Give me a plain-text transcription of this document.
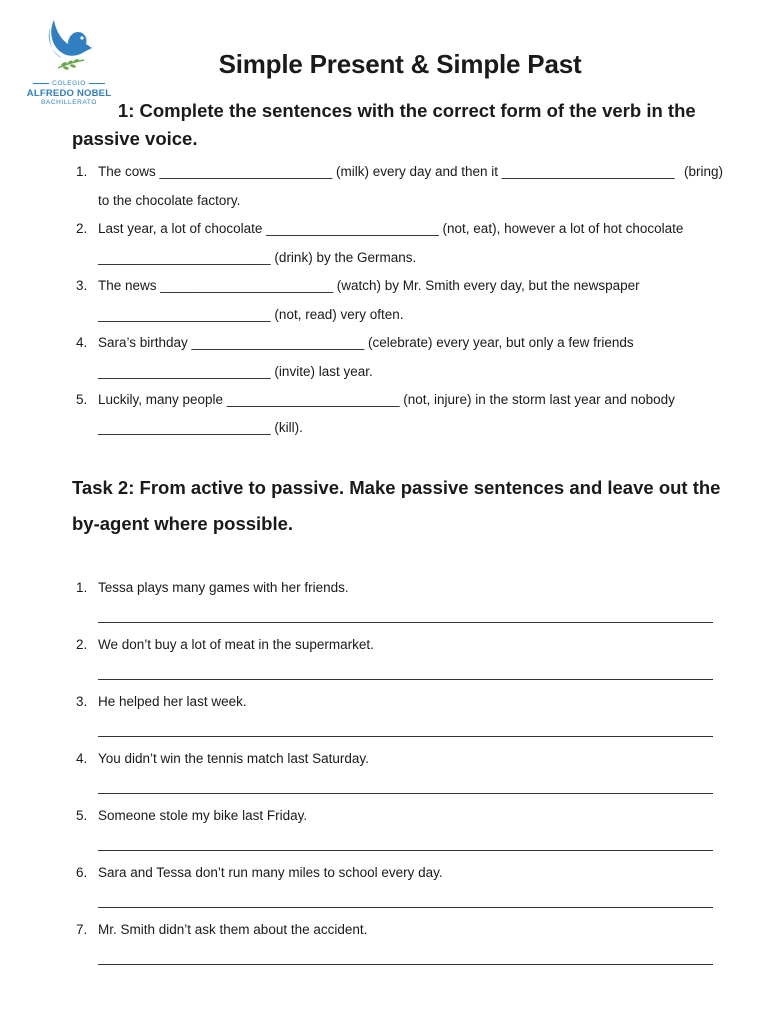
COLEGIO
ALFREDO NOBEL
BACHILLERATO
Simple Present & Simple Past
1: Complete the sentences with the correct form of the verb in the passive voice.
1. The cows _______________________ (milk) every day and then it _______________________ (bring)
to the chocolate factory.
2. Last year, a lot of chocolate _______________________ (not, eat), however a lot of hot chocolate
_______________________ (drink) by the Germans.
3. The news _______________________ (watch) by Mr. Smith every day, but the newspaper
_______________________ (not, read) very often.
4. Sara’s birthday _______________________ (celebrate) every year, but only a few friends
_______________________ (invite) last year.
5. Luckily, many people _______________________ (not, injure) in the storm last year and nobody
_______________________ (kill).
Task 2: From active to passive. Make passive sentences and leave out the by-agent where possible.
1. Tessa plays many games with her friends.
2. We don’t buy a lot of meat in the supermarket.
3. He helped her last week.
4. You didn’t win the tennis match last Saturday.
5. Someone stole my bike last Friday.
6. Sara and Tessa don’t run many miles to school every day.
7. Mr. Smith didn’t ask them about the accident.
